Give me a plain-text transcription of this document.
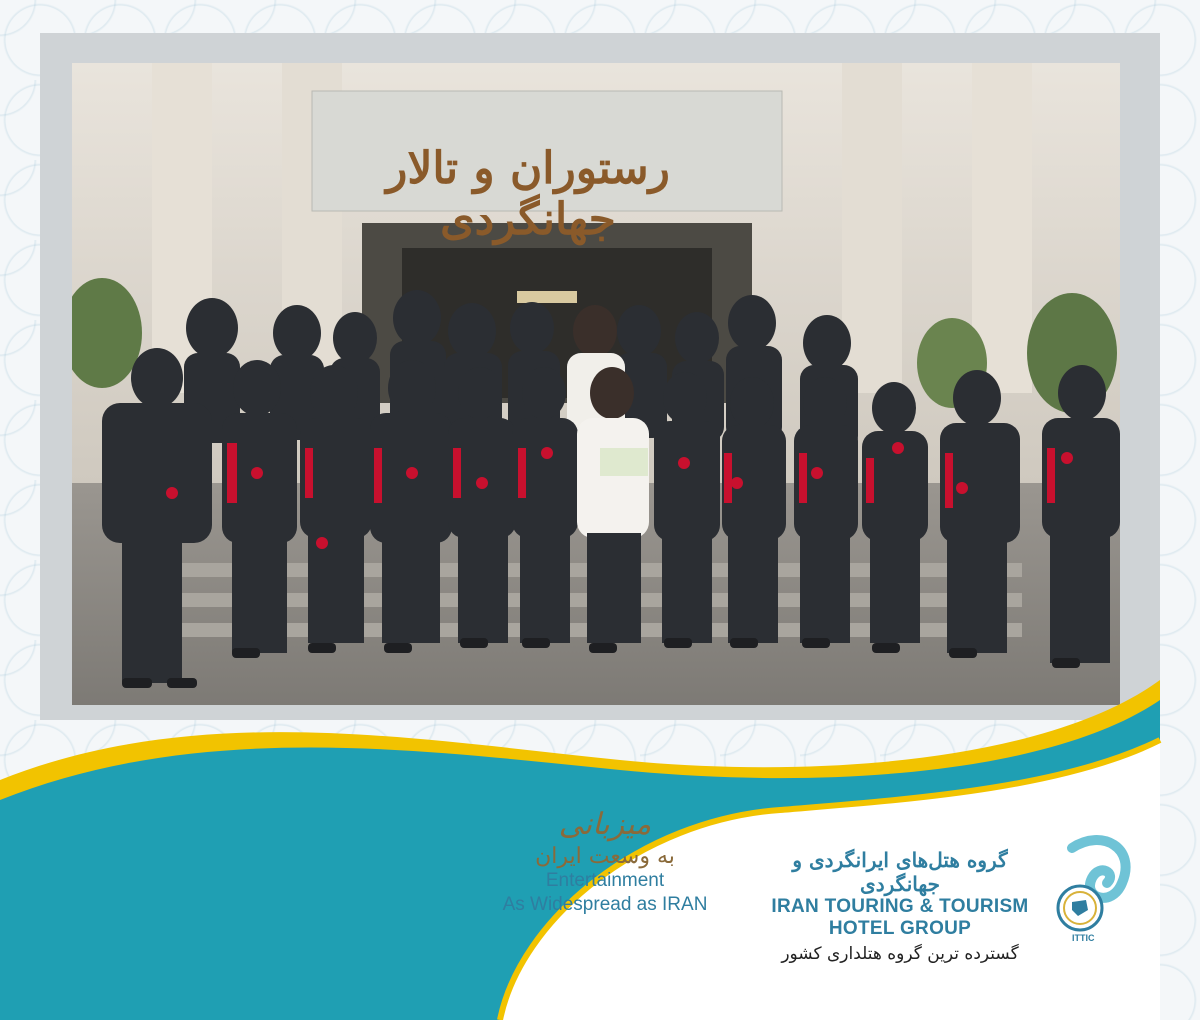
رستوران و تالار جهانگردی
میزبانی
به وسعت ایران
Entertainment
As Widespread as IRAN
گروه هتل‌های ایرانگردی و جهانگردی
IRAN TOURING & TOURISM
HOTEL GROUP
گسترده ترین گروه هتلداری کشور
ITTIC
